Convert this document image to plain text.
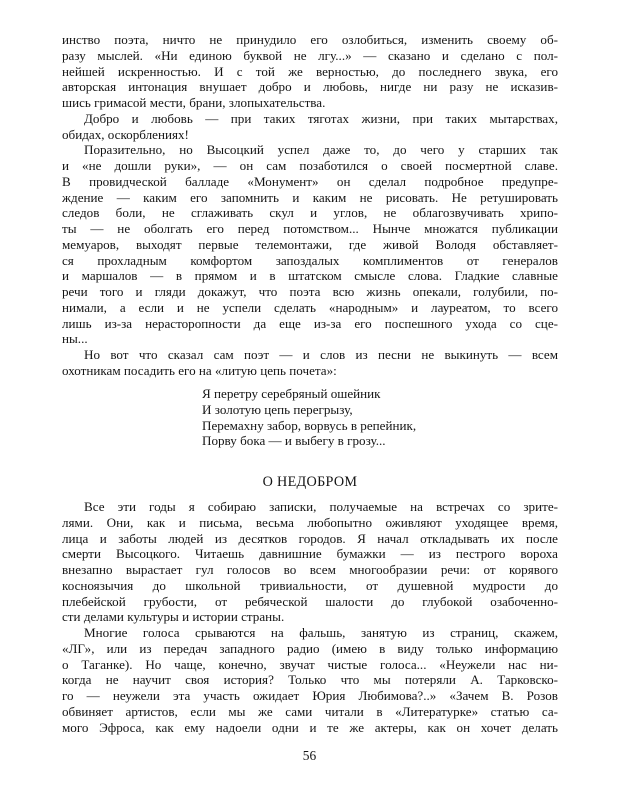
инство поэта, ничто не принудило его озлобиться, изменить своему об-
разу мыслей. «Ни единою буквой не лгу...» — сказано и сделано с пол-
нейшей искренностью. И с той же верностью, до последнего звука, его
авторская интонация внушает добро и любовь, нигде ни разу не исказив-
шись гримасой мести, брани, злопыхательства.
Добро и любовь — при таких тяготах жизни, при таких мытарствах,
обидах, оскорблениях!
Поразительно, но Высоцкий успел даже то, до чего у старших так
и «не дошли руки», — он сам позаботился о своей посмертной славе.
В провидческой балладе «Монумент» он сделал подробное предупре-
ждение — каким его запомнить и каким не рисовать. Не ретушировать
следов боли, не сглаживать скул и углов, не облагозвучивать хрипо-
ты — не оболгать его перед потомством... Нынче множатся публикации
мемуаров, выходят первые телемонтажи, где живой Володя обставляет-
ся прохладным комфортом запоздалых комплиментов от генералов
и маршалов — в прямом и в штатском смысле слова. Гладкие славные
речи того и гляди докажут, что поэта всю жизнь опекали, голубили, по-
нимали, а если и не успели сделать «народным» и лауреатом, то всего
лишь из-за нерасторопности да еще из-за его поспешного ухода со сце-
ны...
Но вот что сказал сам поэт — и слов из песни не выкинуть — всем
охотникам посадить его на «литую цепь почета»:
Я перетру серебряный ошейник
И золотую цепь перегрызу,
Перемахну забор, ворвусь в репейник,
Порву бока — и выбегу в грозу...
О НЕДОБРОМ
Все эти годы я собираю записки, получаемые на встречах со зрите-
лями. Они, как и письма, весьма любопытно оживляют уходящее время,
лица и заботы людей из десятков городов. Я начал откладывать их после
смерти Высоцкого. Читаешь давнишние бумажки — из пестрого вороха
внезапно вырастает гул голосов во всем многообразии речи: от корявого
косноязычия до школьной тривиальности, от душевной мудрости до
плебейской грубости, от ребяческой шалости до глубокой озабоченно-
сти делами культуры и истории страны.
Многие голоса срываются на фальшь, занятую из страниц, скажем,
«ЛГ», или из передач западного радио (имею в виду только информацию
о Таганке). Но чаще, конечно, звучат чистые голоса... «Неужели нас ни-
когда не научит своя история? Только что мы потеряли А. Тарковско-
го — неужели эта участь ожидает Юрия Любимова?..» «Зачем В. Розов
обвиняет артистов, если мы же сами читали в «Литературке» статью са-
мого Эфроса, как ему надоели одни и те же актеры, как он хочет делать
56
